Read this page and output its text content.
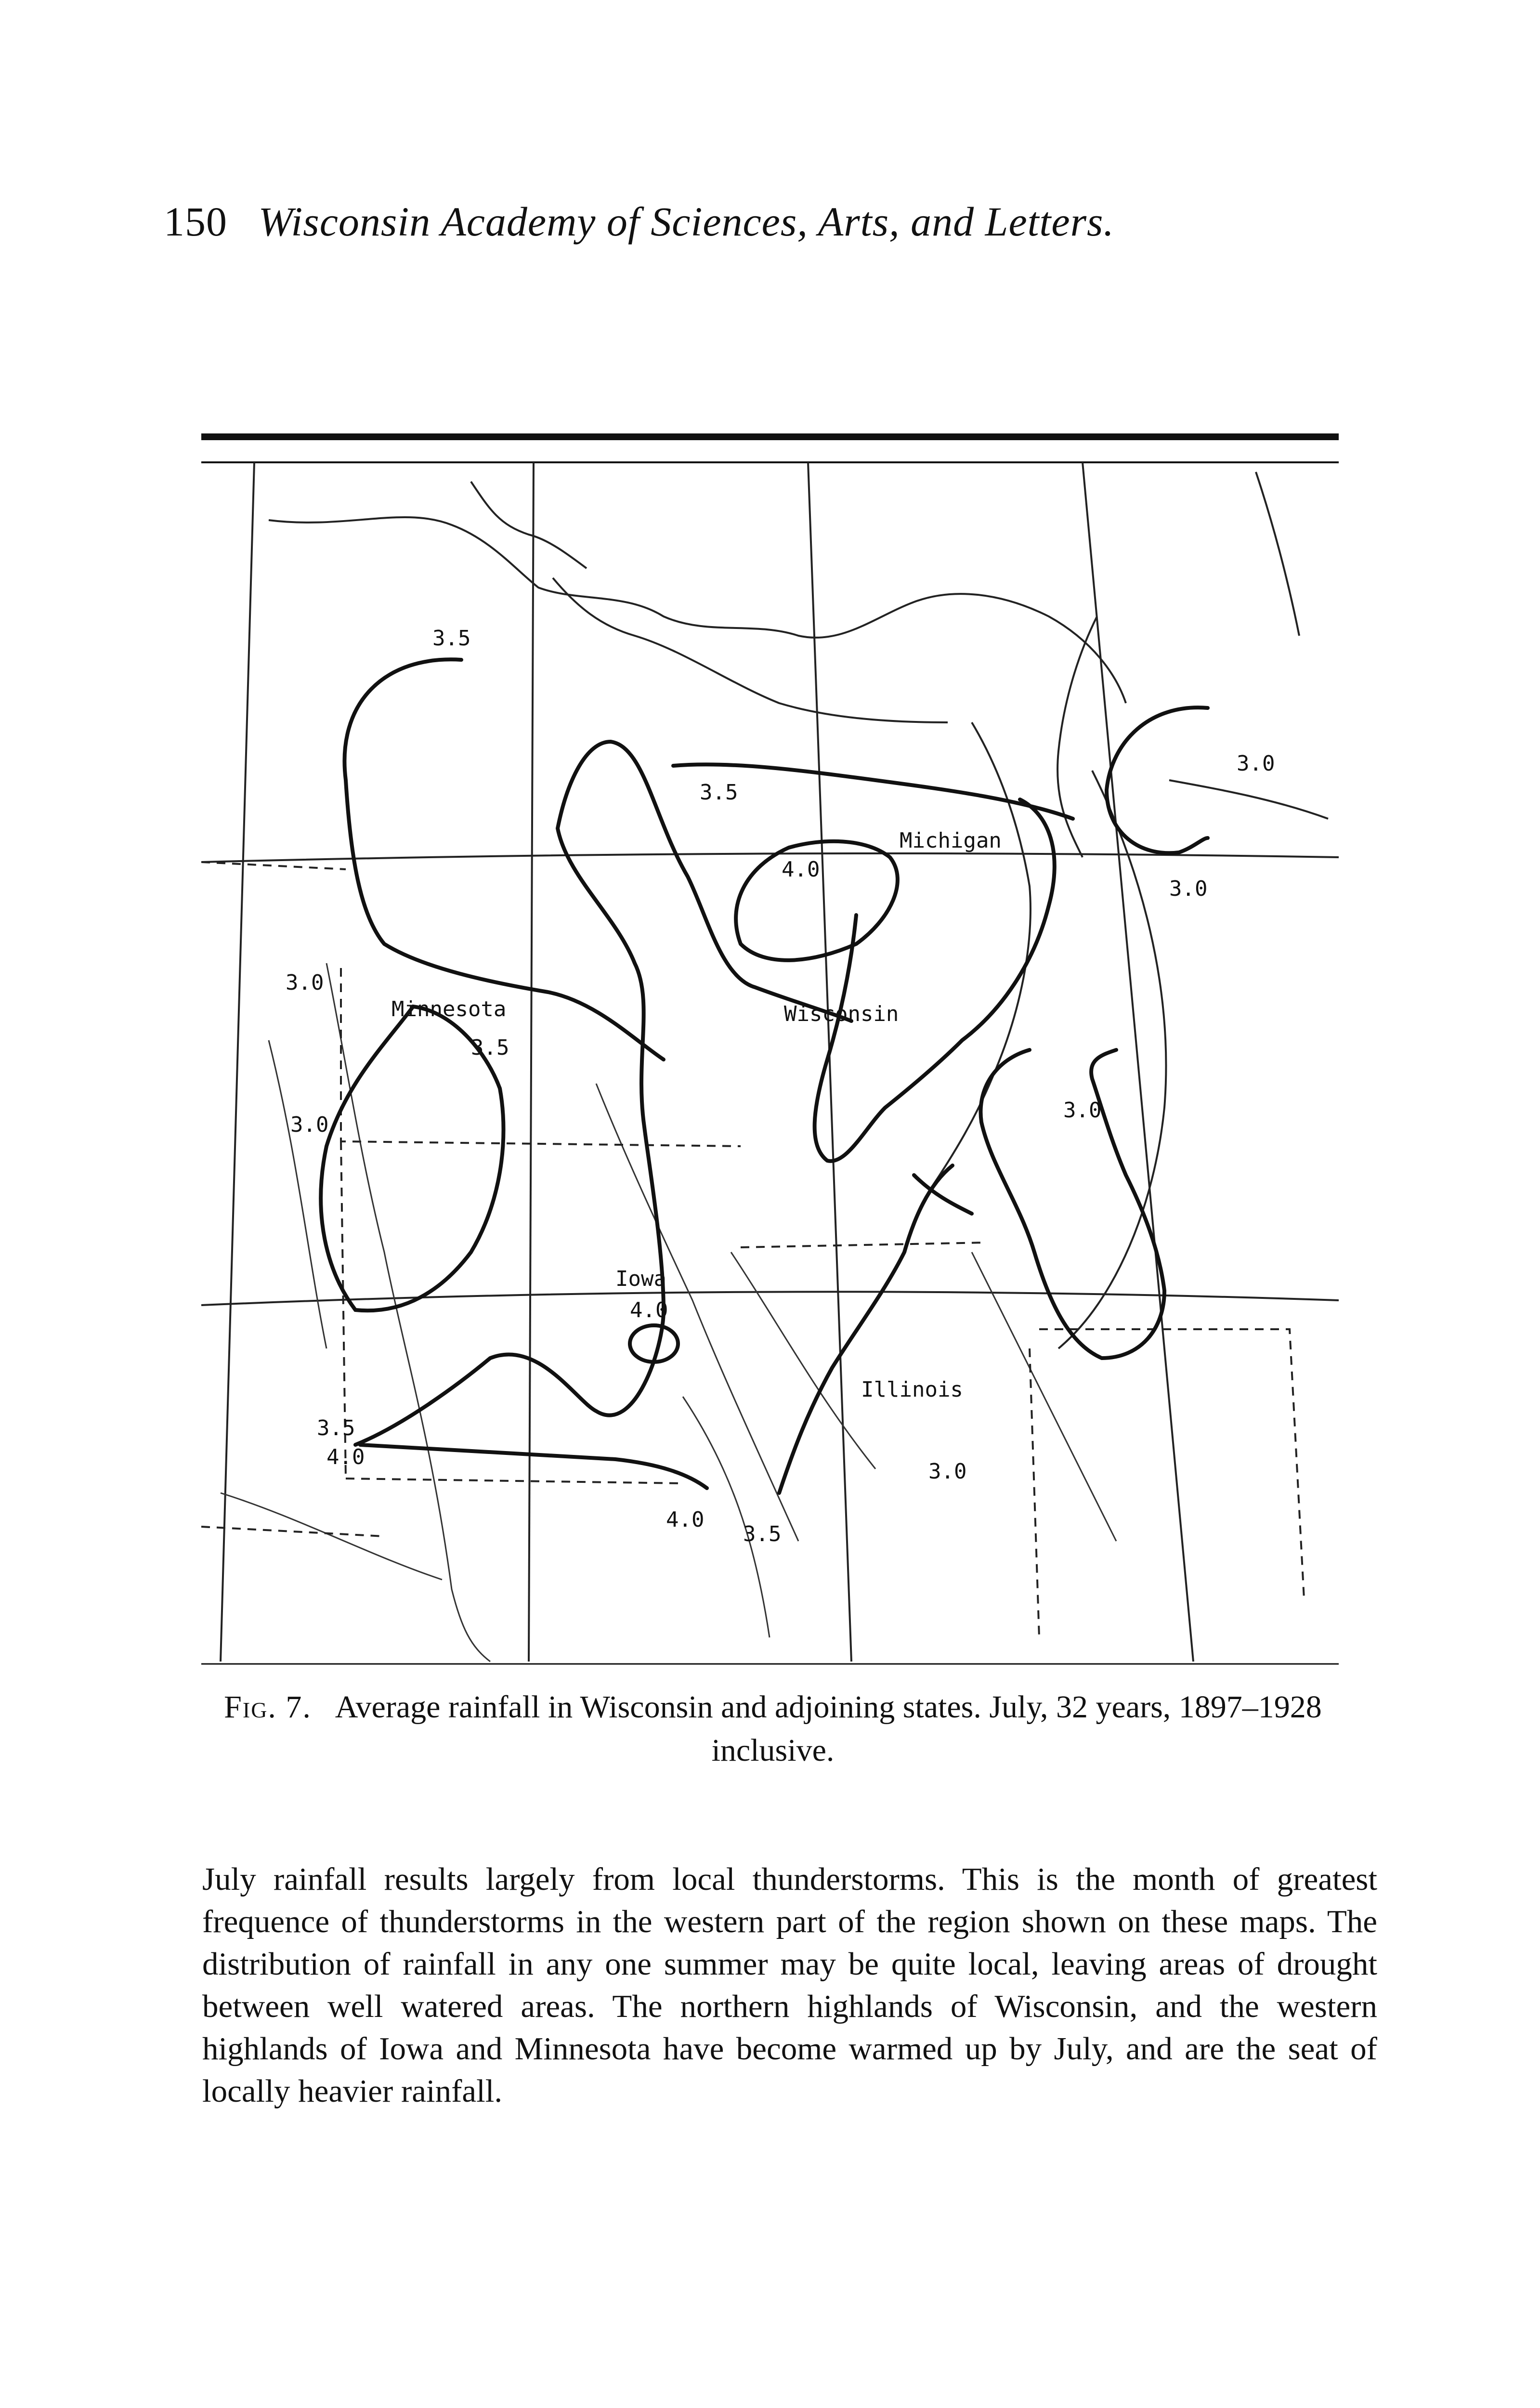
150 Wisconsin Academy of Sciences, Arts, and Letters.
Minnesota	Wisconsin
Michigan
Iowa
Illinois
3.5
3.0
3.0
3.5
3.5
4.0
3.0
3.0
3.0
4.0
3.5
4.0
4.0
3.5
3.0
Fig. 7. Average rainfall in Wisconsin and adjoining states. July, 32 years, 1897–1928 inclusive.

July rainfall results largely from local thunderstorms. This is the month of greatest frequence of thunderstorms in the western part of the region shown on these maps. The distribution of rainfall in any one summer may be quite local, leaving areas of drought between well watered areas. The northern highlands of Wisconsin, and the western highlands of Iowa and Minnesota have become warmed up by July, and are the seat of locally heavier rainfall.
